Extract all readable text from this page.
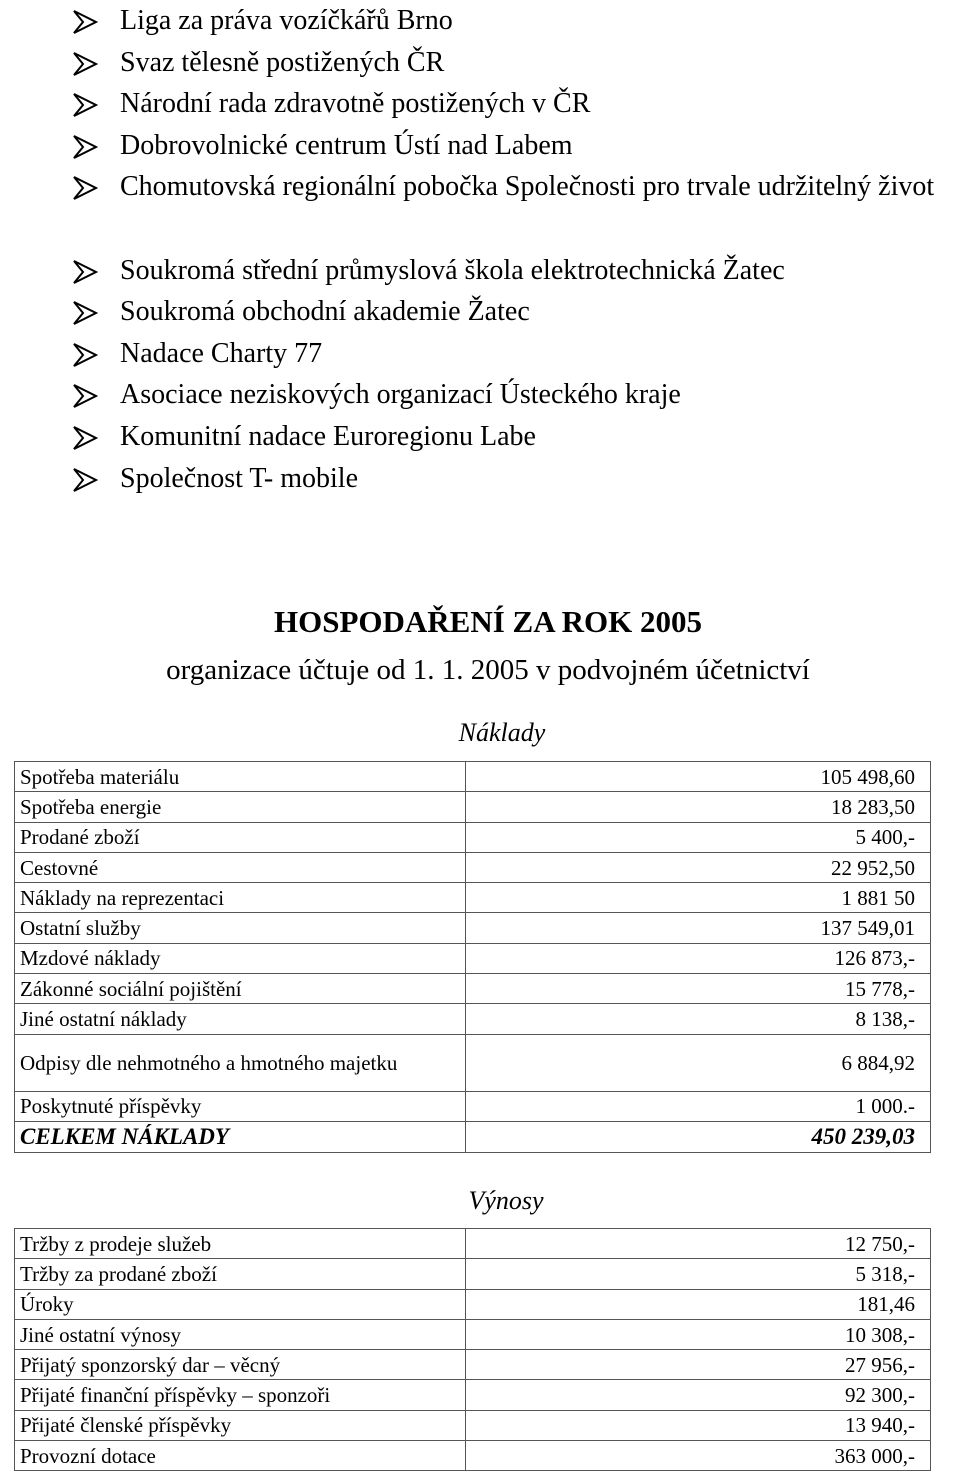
Liga za práva vozíčkářů Brno
Svaz tělesně postižených ČR
Národní rada zdravotně postižených v ČR
Dobrovolnické centrum Ústí nad Labem
Chomutovská regionální pobočka Společnosti pro trvale udržitelný život
Soukromá střední průmyslová škola elektrotechnická Žatec
Soukromá obchodní akademie Žatec
Nadace Charty 77
Asociace neziskových organizací Ústeckého kraje
Komunitní nadace Euroregionu Labe
Společnost T- mobile
HOSPODAŘENÍ ZA ROK 2005
organizace účtuje od 1. 1. 2005 v podvojném účetnictví
Náklady
Spotřeba materiálu	105 498,60
Spotřeba energie	18 283,50
Prodané zboží	5 400,-
Cestovné	22 952,50
Náklady na reprezentaci	1 881 50
Ostatní služby	137 549,01
Mzdové náklady	126 873,-
Zákonné sociální pojištění	15 778,-
Jiné ostatní náklady	8 138,-
Odpisy dle nehmotného a hmotného majetku	6 884,92
Poskytnuté příspěvky	1 000.-
CELKEM NÁKLADY	450 239,03
Výnosy
Tržby z prodeje služeb	12 750,-
Tržby za prodané zboží	5 318,-
Úroky	181,46
Jiné ostatní výnosy	10 308,-
Přijatý sponzorský dar – věcný	27 956,-
Přijaté finanční příspěvky – sponzoři	92 300,-
Přijaté členské příspěvky	13 940,-
Provozní dotace	363 000,-
